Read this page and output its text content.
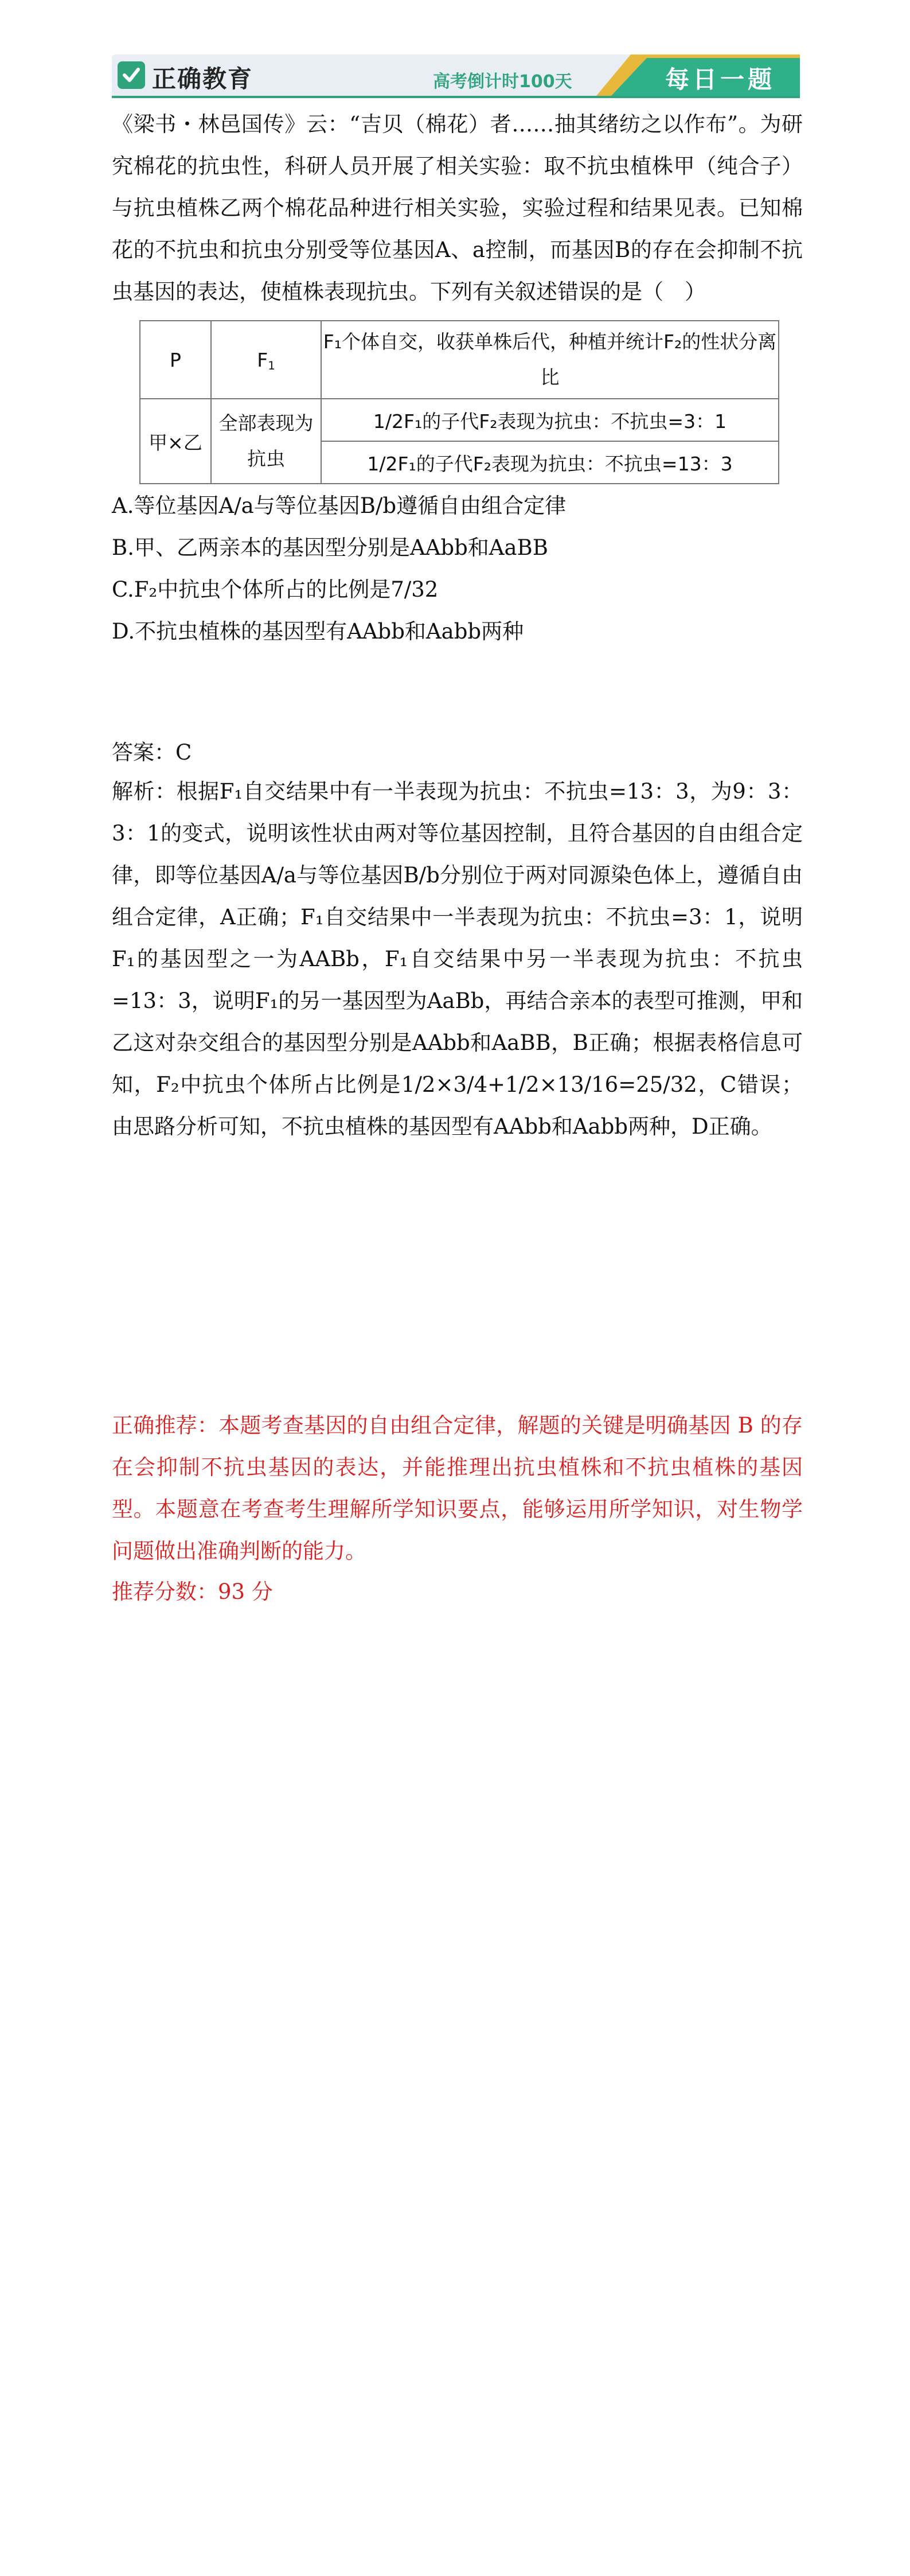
正确教育	高考倒计时100天	每日一题
《梁书・林邑国传》云：“吉贝（棉花）者……抽其绪纺之以作布”。为研究棉花的抗虫性，科研人员开展了相关实验：取不抗虫植株甲（纯合子）与抗虫植株乙两个棉花品种进行相关实验，实验过程和结果见表。已知棉花的不抗虫和抗虫分别受等位基因A、a控制，而基因B的存在会抑制不抗虫基因的表达，使植株表现抗虫。下列有关叙述错误的是（　）
P	$F_1$	F₁个体自交，收获单株后代，种植并统计F₂的性状分离比
甲×乙	全部表现为抗虫	1/2F₁的子代F₂表现为抗虫：不抗虫=3：1
		1/2F₁的子代F₂表现为抗虫：不抗虫=13：3
A.等位基因A/a与等位基因B/b遵循自由组合定律
B.甲、乙两亲本的基因型分别是AAbb和AaBB
C.F₂中抗虫个体所占的比例是7/32
D.不抗虫植株的基因型有AAbb和Aabb两种
答案：C
解析：根据F₁自交结果中有一半表现为抗虫：不抗虫=13：3，为9：3：3：1的变式，说明该性状由两对等位基因控制，且符合基因的自由组合定律，即等位基因A/a与等位基因B/b分别位于两对同源染色体上，遵循自由组合定律，A正确；F₁自交结果中一半表现为抗虫：不抗虫=3：1，说明F₁的基因型之一为AABb，F₁自交结果中另一半表现为抗虫：不抗虫=13：3，说明F₁的另一基因型为AaBb，再结合亲本的表型可推测，甲和乙这对杂交组合的基因型分别是AAbb和AaBB，B正确；根据表格信息可知，F₂中抗虫个体所占比例是1/2×3/4+1/2×13/16=25/32，C错误；由思路分析可知，不抗虫植株的基因型有AAbb和Aabb两种，D正确。
正确推荐：本题考查基因的自由组合定律，解题的关键是明确基因 B 的存在会抑制不抗虫基因的表达，并能推理出抗虫植株和不抗虫植株的基因型。本题意在考查考生理解所学知识要点，能够运用所学知识，对生物学问题做出准确判断的能力。
推荐分数：93 分
